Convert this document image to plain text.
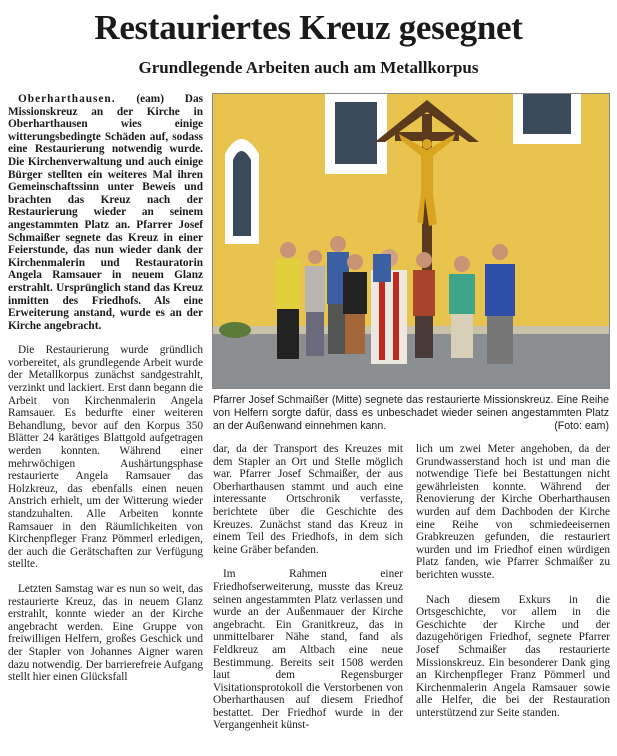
Restauriertes Kreuz gesegnet
Grundlegende Arbeiten auch am Metallkorpus

Oberharthausen. (eam) Das Missionskreuz an der Kirche in Oberharthausen wies einige witterungsbedingte Schäden auf, sodass eine Restaurierung notwendig wurde. Die Kirchenverwaltung und auch einige Bürger stellten ein weiteres Mal ihren Gemeinschaftssinn unter Beweis und brachten das Kreuz nach der Restaurierung wieder an seinem angestammten Platz an. Pfarrer Josef Schmaißer segnete das Kreuz in einer Feierstunde, das nun wieder dank der Kirchenmalerin und Restauratorin Angela Ramsauer in neuem Glanz erstrahlt. Ursprünglich stand das Kreuz inmitten des Friedhofs. Als eine Erweiterung anstand, wurde es an der Kirche angebracht.

Die Restaurierung wurde gründlich vorbereitet, als grundlegende Arbeit wurde der Metallkorpus zunächst sandgestrahlt, verzinkt und lackiert. Erst dann begann die Arbeit von Kirchenmalerin Angela Ramsauer. Es bedurfte einer weiteren Behandlung, bevor auf den Korpus 350 Blätter 24 karätiges Blattgold aufgetragen werden konnten. Während einer mehrwöchigen Aushärtungsphase restaurierte Angela Ramsauer das Holzkreuz, das ebenfalls einen neuen Anstrich erhielt, um der Witterung wieder standzuhalten. Alle Arbeiten konnte Ramsauer in den Räumlichkeiten von Kirchenpfleger Franz Pömmerl erledigen, der auch die Gerätschaften zur Verfügung stellte.

Letzten Samstag war es nun so weit, das restaurierte Kreuz, das in neuem Glanz erstrahlt, konnte wieder an der Kirche angebracht werden. Eine Gruppe von freiwilligen Helfern, großes Geschick und der Stapler von Johannes Aigner waren dazu notwendig. Der barrierefreie Aufgang stellt hier einen Glücksfall

Pfarrer Josef Schmaißer (Mitte) segnete das restaurierte Missionskreuz. Eine Reihe von Helfern sorgte dafür, dass es unbeschadet wieder seinen angestammten Platz an der Außenwand einnehmen kann.	(Foto: eam)

dar, da der Transport des Kreuzes mit dem Stapler an Ort und Stelle möglich war. Pfarrer Josef Schmaißer, der aus Oberharthausen stammt und auch eine interessante Ortschronik verfasste, berichtete über die Geschichte des Kreuzes. Zunächst stand das Kreuz in einem Teil des Friedhofs, in dem sich keine Gräber befanden.

Im Rahmen einer Friedhofserweiterung, musste das Kreuz seinen angestammten Platz verlassen und wurde an der Außenmauer der Kirche angebracht. Ein Granitkreuz, das in unmittelbarer Nähe stand, fand als Feldkreuz am Altbach eine neue Bestimmung. Bereits seit 1508 werden laut dem Regensburger Visitationsprotokoll die Verstorbenen von Oberharthausen auf diesem Friedhof bestattet. Der Friedhof wurde in der Vergangenheit künst-

lich um zwei Meter angehoben, da der Grundwasserstand hoch ist und man die notwendige Tiefe bei Bestattungen nicht gewährleisten konnte. Während der Renovierung der Kirche Oberharthausen wurden auf dem Dachboden der Kirche eine Reihe von schmiedeeisernen Grabkreuzen gefunden, die restauriert wurden und im Friedhof einen würdigen Platz fanden, wie Pfarrer Schmaißer zu berichten wusste.

Nach diesem Exkurs in die Ortsgeschichte, vor allem in die Geschichte der Kirche und der dazugehörigen Friedhof, segnete Pfarrer Josef Schmaißer das restaurierte Missionskreuz. Ein besonderer Dank ging an Kirchenpfleger Franz Pömmerl und Kirchenmalerin Angela Ramsauer sowie alle Helfer, die bei der Restauration unterstützend zur Seite standen.
